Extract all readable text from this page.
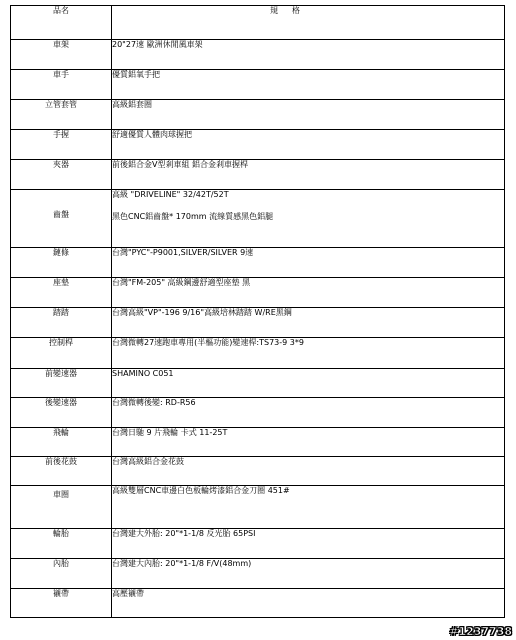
品名	規格
車架	20"27速 歐洲休閒風車架

車手	優質鋁氧手把

立管套管	高級鋁套圈

手握	舒適優質人體肉球握把

夾器	前後鋁合金V型剎車組 鋁合金剎車握桿

齒盤	高級 "DRIVELINE" 32/42T/52T
黑色CNC鋁齒盤* 170mm 流線質感黑色鋁腿

鏈條	台灣"PYC"-P9001,SILVER/SILVER 9速

座墊	台灣"FM-205" 高級鋼邊舒適型座墊 黑

踏踏	台灣高級"VP"-196 9/16"高級培林踏踏 W/RE黑鋼

控制桿	台灣微轉27速跑車專用(半樞功能)變速桿:TS73-9 3*9

前變速器	SHAMINO C051

後變速器	台灣微轉後變: RD-R56

飛輪	台灣日馳 9 片飛輪 卡式 11-25T

前後花鼓	台灣高級鋁合金花鼓

車圈	高級雙層CNC車邊白色板輪烤漆鋁合金刀圈 451#

輪胎	台灣建大外胎: 20"*1-1/8 反光胎 65PSI

內胎	台灣建大內胎: 20"*1-1/8 F/V(48mm)

襯帶	高壓襯帶
#1237738
